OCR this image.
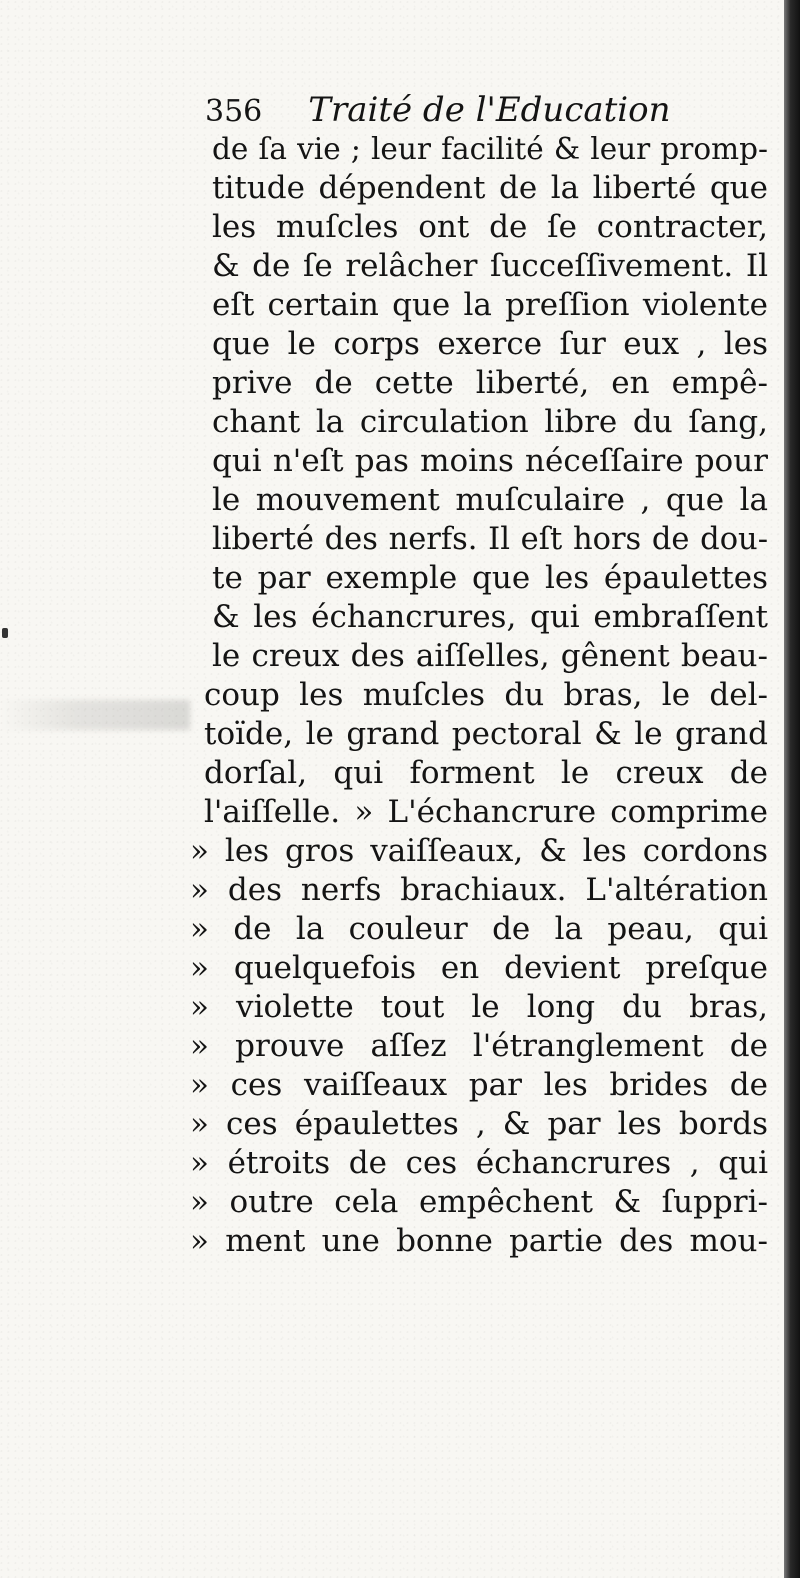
356 Traité de l'Education
de ſa vie ; leur facilité & leur promp-
titude dépendent de la liberté que
les muſcles ont de ſe contracter,
& de ſe relâcher ſucceſſivement. Il
eſt certain que la preſſion violente
que le corps exerce ſur eux , les
prive de cette liberté, en empê-
chant la circulation libre du ſang,
qui n'eſt pas moins néceſſaire pour
le mouvement muſculaire , que la
liberté des nerfs. Il eſt hors de dou-
te par exemple que les épaulettes
& les échancrures, qui embraſſent
le creux des aiſſelles, gênent beau-
coup les muſcles du bras, le del-
toïde, le grand pectoral & le grand
dorſal, qui forment le creux de
l'aiſſelle. » L'échancrure comprime
» les gros vaiſſeaux, & les cordons
» des nerfs brachiaux. L'altération
» de la couleur de la peau, qui
» quelquefois en devient preſque
» violette tout le long du bras,
» prouve aſſez l'étranglement de
» ces vaiſſeaux par les brides de
» ces épaulettes , & par les bords
» étroits de ces échancrures , qui
» outre cela empêchent & ſuppri-
» ment une bonne partie des mou-
